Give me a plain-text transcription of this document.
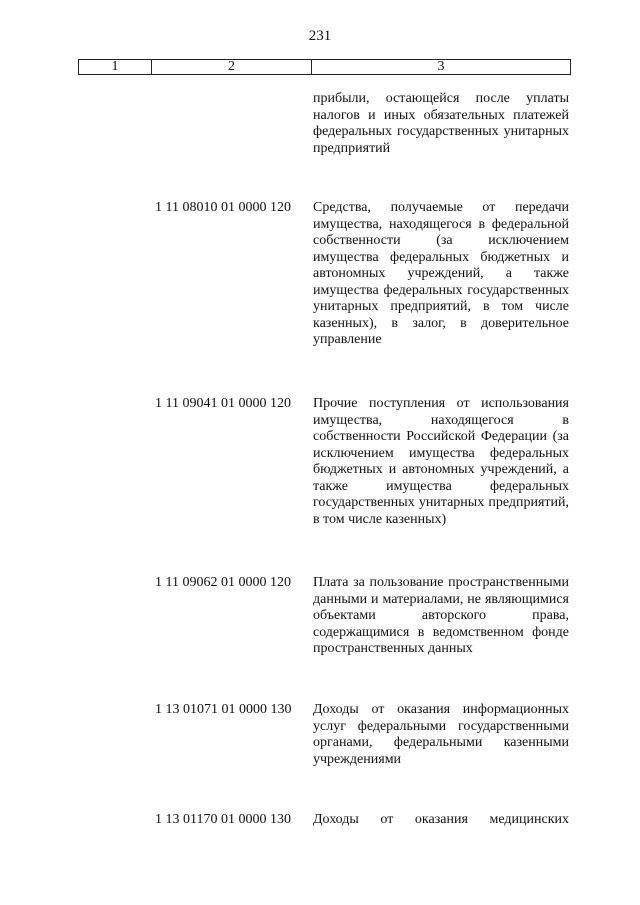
231
1	2	3

прибыли, остающейся после уплаты налогов и иных обязательных платежей федеральных государственных унитарных предприятий

1 11 08010 01 0000 120	Средства, получаемые от передачи имущества, находящегося в федеральной собственности (за исключением имущества федеральных бюджетных и автономных учреждений, а также имущества федеральных государственных унитарных предприятий, в том числе казенных), в залог, в доверительное управление

1 11 09041 01 0000 120	Прочие поступления от использования имущества, находящегося в собственности Российской Федерации (за исключением имущества федеральных бюджетных и автономных учреждений, а также имущества федеральных государственных унитарных предприятий, в том числе казенных)

1 11 09062 01 0000 120	Плата за пользование пространственными данными и материалами, не являющимися объектами авторского права, содержащимися в ведомственном фонде пространственных данных

1 13 01071 01 0000 130	Доходы от оказания информационных услуг федеральными государственными органами, федеральными казенными учреждениями

1 13 01170 01 0000 130	Доходы от оказания медицинских
